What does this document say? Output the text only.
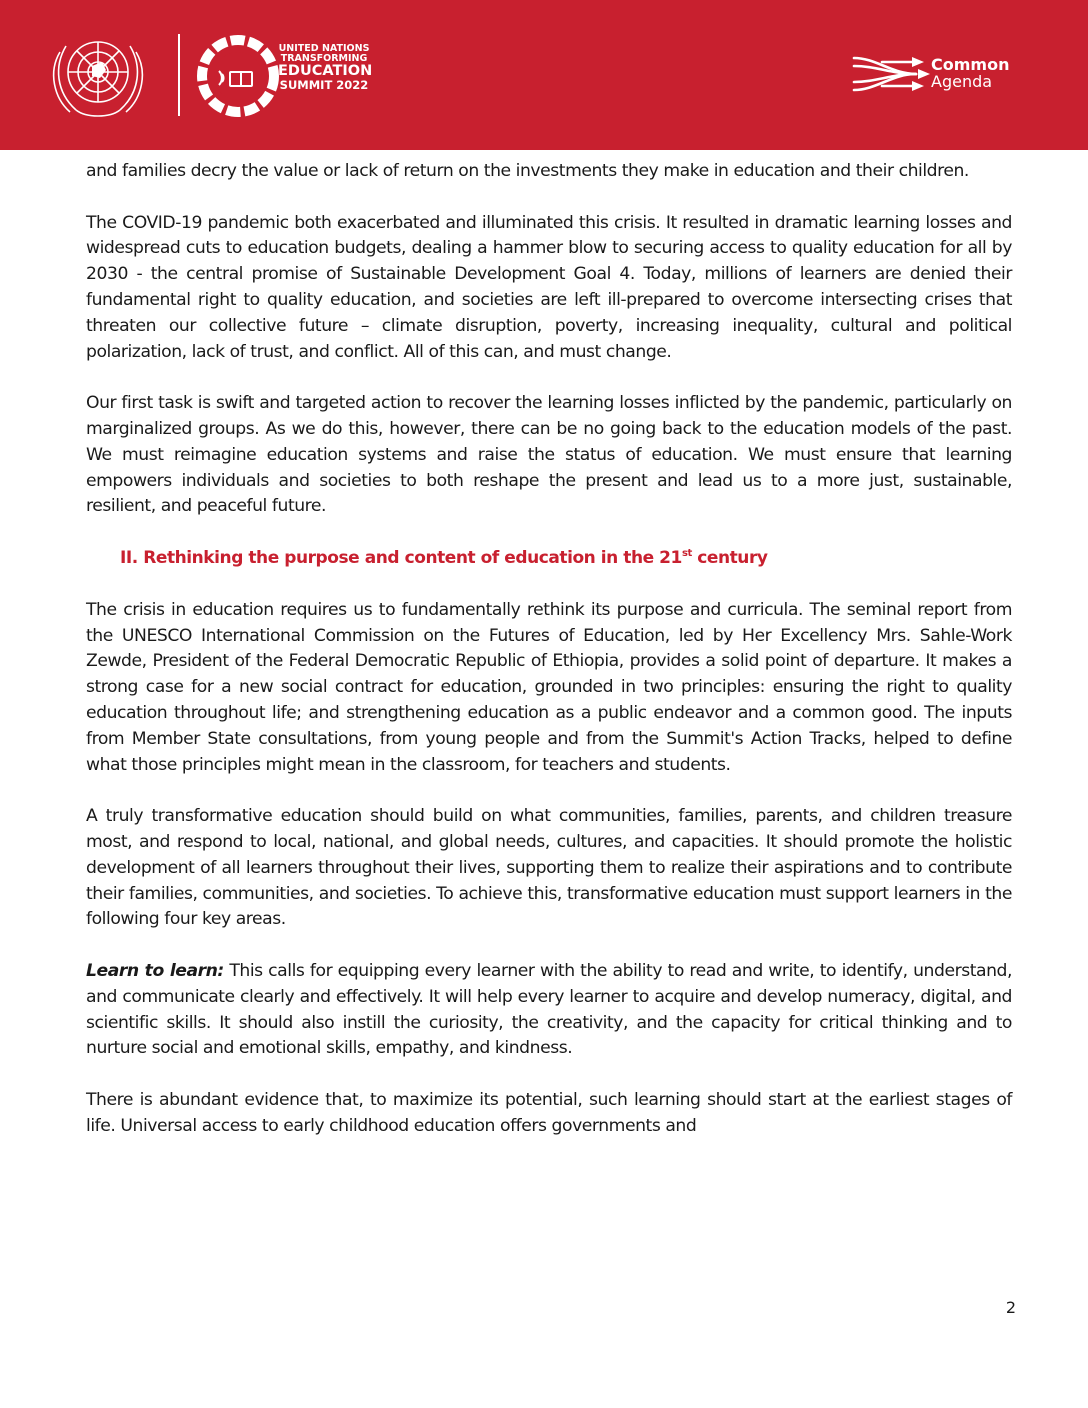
UNITED NATIONS
TRANSFORMING
EDUCATION
SUMMIT 2022
Common
Agenda

and families decry the value or lack of return on the investments they make in education and their children.

The COVID-19 pandemic both exacerbated and illuminated this crisis. It resulted in dramatic learning losses and widespread cuts to education budgets, dealing a hammer blow to securing access to quality education for all by 2030 - the central promise of Sustainable Development Goal 4. Today, millions of learners are denied their fundamental right to quality education, and societies are left ill-prepared to overcome intersecting crises that threaten our collective future – climate disruption, poverty, increasing inequality, cultural and political polarization, lack of trust, and conflict. All of this can, and must change.

Our first task is swift and targeted action to recover the learning losses inflicted by the pandemic, particularly on marginalized groups. As we do this, however, there can be no going back to the education models of the past. We must reimagine education systems and raise the status of education. We must ensure that learning empowers individuals and societies to both reshape the present and lead us to a more just, sustainable, resilient, and peaceful future.

II. Rethinking the purpose and content of education in the 21st century

The crisis in education requires us to fundamentally rethink its purpose and curricula. The seminal report from the UNESCO International Commission on the Futures of Education, led by Her Excellency Mrs. Sahle-Work Zewde, President of the Federal Democratic Republic of Ethiopia, provides a solid point of departure. It makes a strong case for a new social contract for education, grounded in two principles: ensuring the right to quality education throughout life; and strengthening education as a public endeavor and a common good. The inputs from Member State consultations, from young people and from the Summit's Action Tracks, helped to define what those principles might mean in the classroom, for teachers and students.

A truly transformative education should build on what communities, families, parents, and children treasure most, and respond to local, national, and global needs, cultures, and capacities. It should promote the holistic development of all learners throughout their lives, supporting them to realize their aspirations and to contribute their families, communities, and societies. To achieve this, transformative education must support learners in the following four key areas.

Learn to learn: This calls for equipping every learner with the ability to read and write, to identify, understand, and communicate clearly and effectively. It will help every learner to acquire and develop numeracy, digital, and scientific skills. It should also instill the curiosity, the creativity, and the capacity for critical thinking and to nurture social and emotional skills, empathy, and kindness.

There is abundant evidence that, to maximize its potential, such learning should start at the earliest stages of life. Universal access to early childhood education offers governments and

2
